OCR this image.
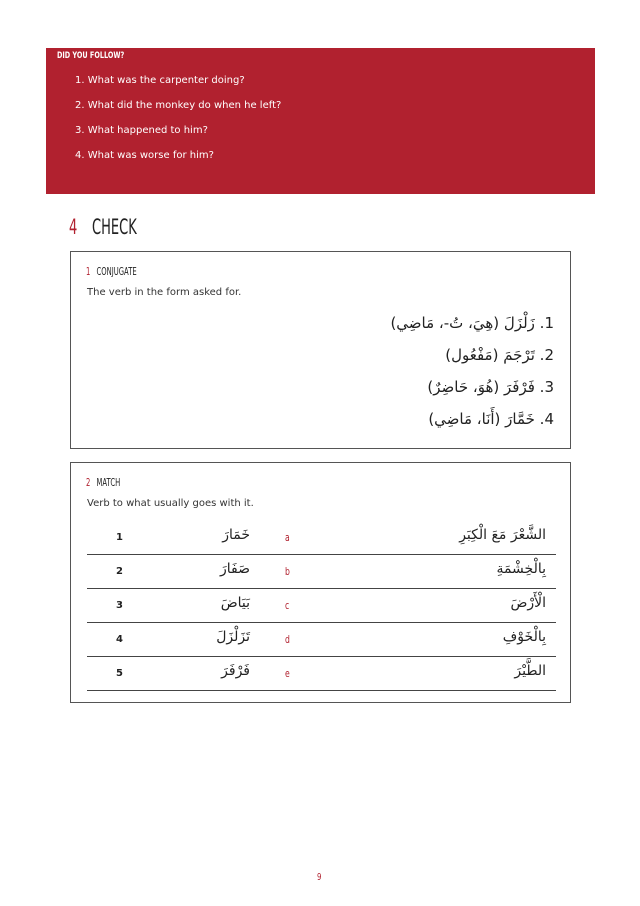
DID YOU FOLLOW?
1. What was the carpenter doing?
2. What did the monkey do when he left?
3. What happened to him?
4. What was worse for him?
4 CHECK
1 CONJUGATE
The verb in the form asked for.
1. زَلْزَلَ (هِيَ، تُ-، مَاضِي)
2. تَرْجَمَ (مَفْعُول)
3. فَرْفَرَ (هُوَ، حَاضِرٌ)
4. خَمَّارَ (أَنَا، مَاضِي)
2 MATCH
Verb to what usually goes with it.
1	خَمَارَ	a	الشَّعْرَ مَعَ الْكِبَرِ
2	صَفَارَ	b	بِالْخِشْمَةِ
3	بَيَاضَ	c	الْأَرْضَ
4	تَزَلْزَلَ	d	بِالْخَوْفِ
5	فَرْفَرَ	e	الطَّيْرَ
9
